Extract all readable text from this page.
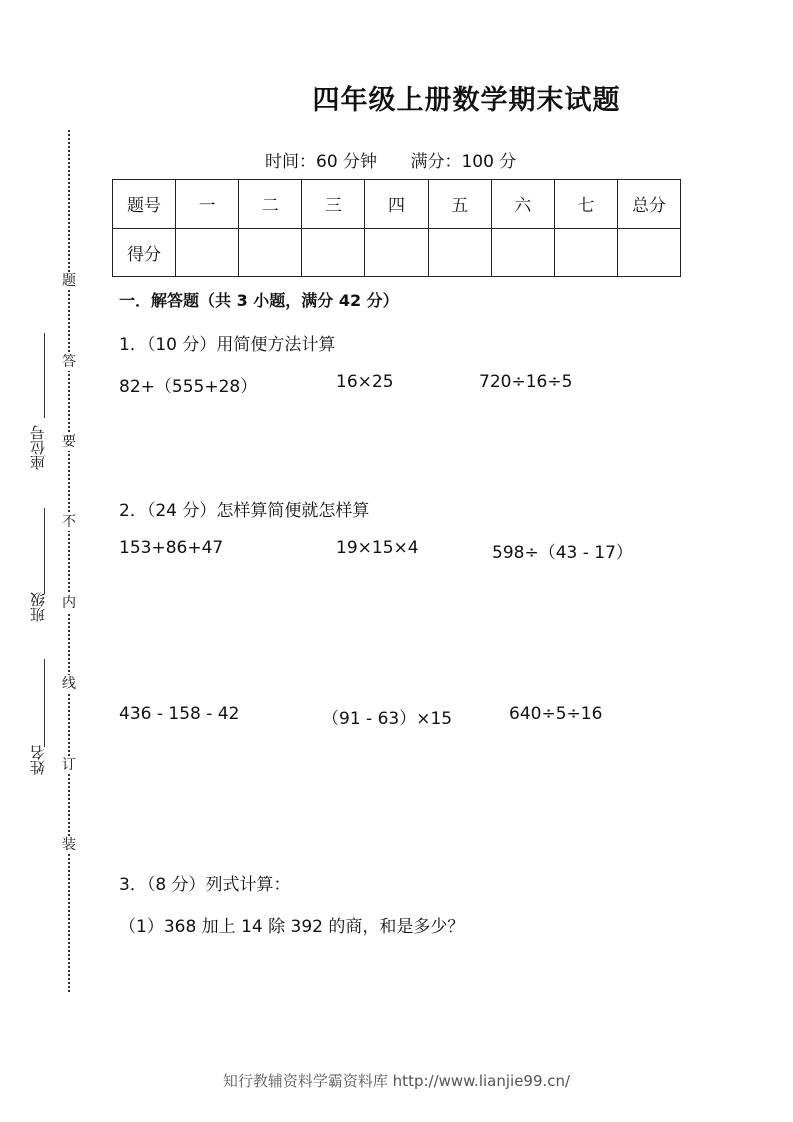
题
答
要
不
内
线
订
装
座位号
班级
姓名
四年级上册数学期末试题
时间：60 分钟 满分：100 分
题号	一	二	三	四	五	六	七	总分
得分								
一．解答题（共 3 小题，满分 42 分）
1．（10 分）用简便方法计算
82+（555+28）	16×25	720÷16÷5
2．（24 分）怎样算简便就怎样算
153+86+47	19×15×4	598÷（43 - 17）
436 - 158 - 42	（91 - 63）×15	640÷5÷16
3．（8 分）列式计算：
（1）368 加上 14 除 392 的商，和是多少？
知行教辅资料学霸资料库 http://www.lianjie99.cn/
